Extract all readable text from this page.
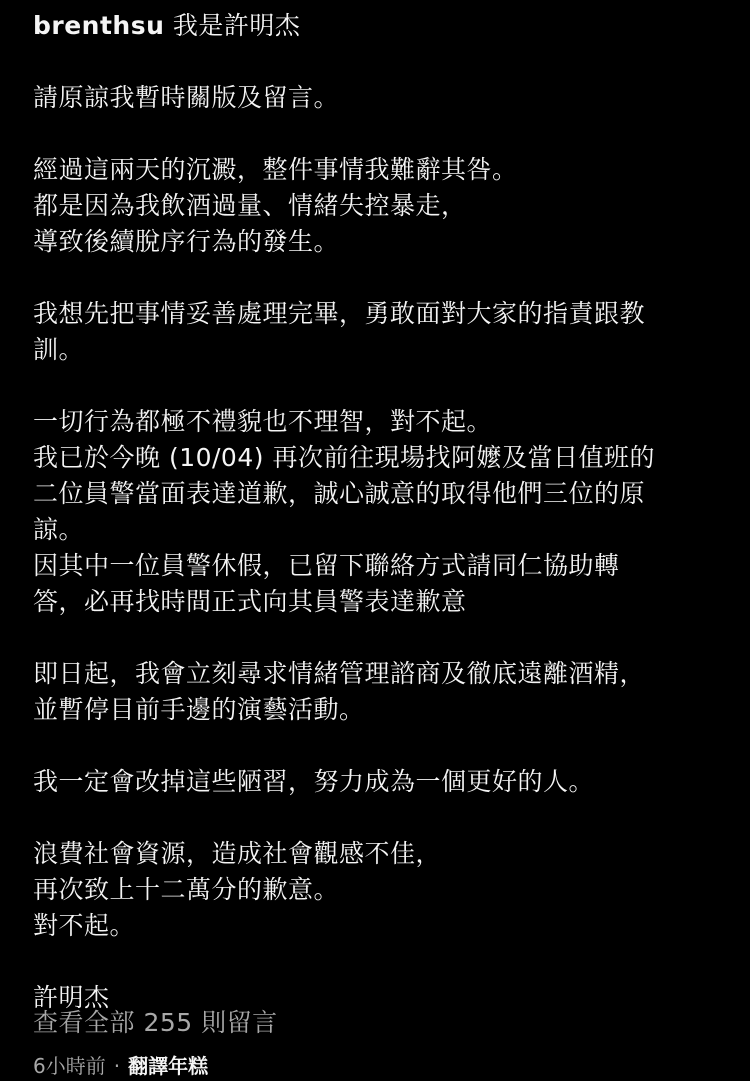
brenthsu 我是許明杰
請原諒我暫時關版及留言。
經過這兩天的沉澱，整件事情我難辭其咎。
都是因為我飲酒過量、情緒失控暴走，
導致後續脫序行為的發生。
我想先把事情妥善處理完畢，勇敢面對大家的指責跟教
訓。
一切行為都極不禮貌也不理智，對不起。
我已於今晚 (10/04) 再次前往現場找阿嬤及當日值班的
二位員警當面表達道歉，誠心誠意的取得他們三位的原
諒。
因其中一位員警休假，已留下聯絡方式請同仁協助轉
答，必再找時間正式向其員警表達歉意
即日起，我會立刻尋求情緒管理諮商及徹底遠離酒精，
並暫停目前手邊的演藝活動。
我一定會改掉這些陋習，努力成為一個更好的人。
浪費社會資源，造成社會觀感不佳，
再次致上十二萬分的歉意。
對不起。
許明杰
查看全部 255 則留言
6小時前 · 翻譯年糕
